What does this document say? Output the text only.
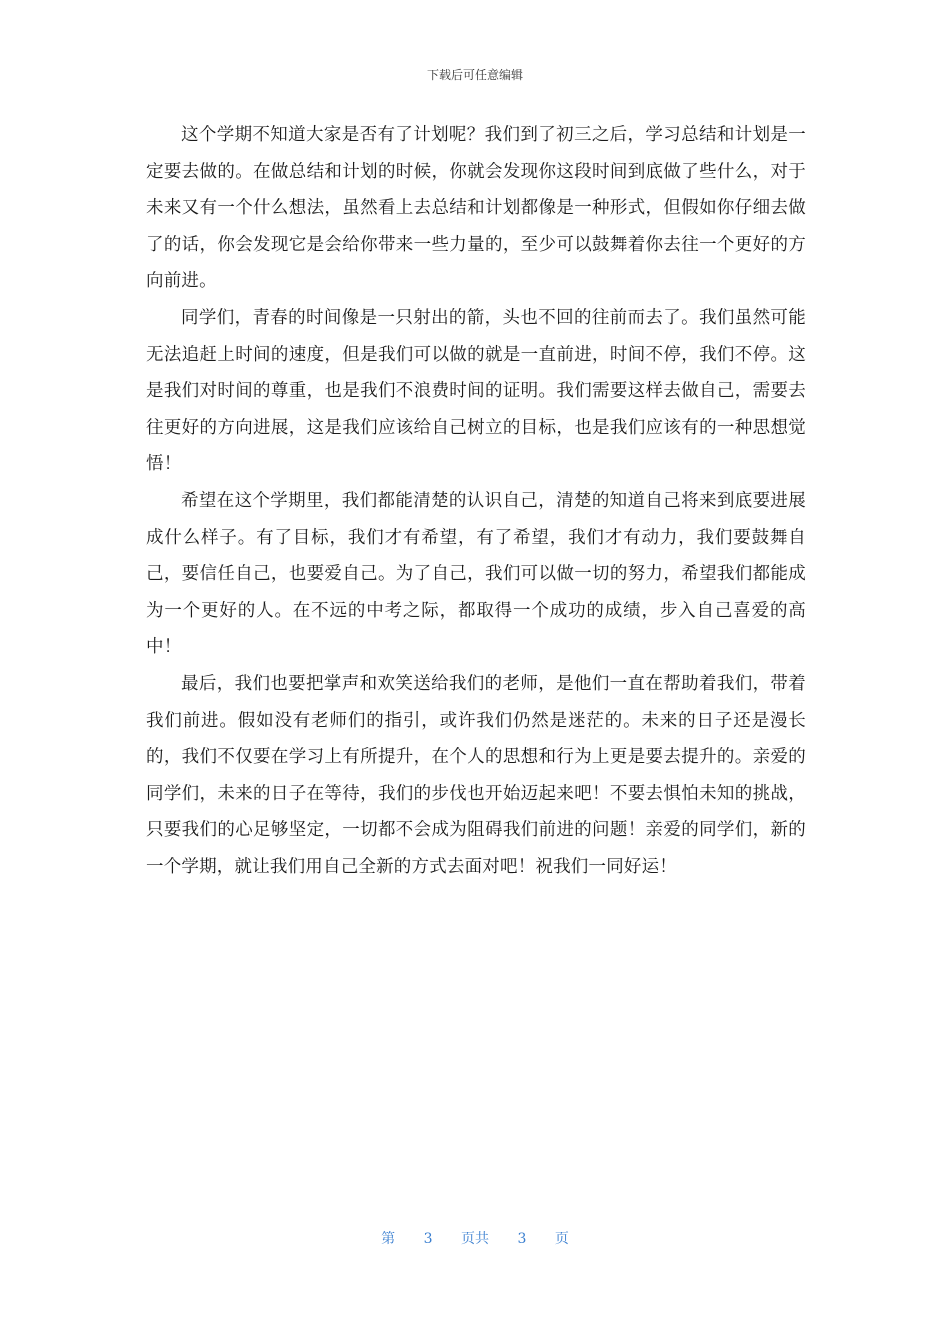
下载后可任意编辑

这个学期不知道大家是否有了计划呢？我们到了初三之后，学习总结和计划是一定要去做的。在做总结和计划的时候，你就会发现你这段时间到底做了些什么，对于未来又有一个什么想法，虽然看上去总结和计划都像是一种形式，但假如你仔细去做了的话，你会发现它是会给你带来一些力量的，至少可以鼓舞着你去往一个更好的方向前进。

同学们，青春的时间像是一只射出的箭，头也不回的往前而去了。我们虽然可能无法追赶上时间的速度，但是我们可以做的就是一直前进，时间不停，我们不停。这是我们对时间的尊重，也是我们不浪费时间的证明。我们需要这样去做自己，需要去往更好的方向进展，这是我们应该给自己树立的目标，也是我们应该有的一种思想觉悟！

希望在这个学期里，我们都能清楚的认识自己，清楚的知道自己将来到底要进展成什么样子。有了目标，我们才有希望，有了希望，我们才有动力，我们要鼓舞自己，要信任自己，也要爱自己。为了自己，我们可以做一切的努力，希望我们都能成为一个更好的人。在不远的中考之际，都取得一个成功的成绩，步入自己喜爱的高中！

最后，我们也要把掌声和欢笑送给我们的老师，是他们一直在帮助着我们，带着我们前进。假如没有老师们的指引，或许我们仍然是迷茫的。未来的日子还是漫长的，我们不仅要在学习上有所提升，在个人的思想和行为上更是要去提升的。亲爱的同学们，未来的日子在等待，我们的步伐也开始迈起来吧！不要去惧怕未知的挑战，只要我们的心足够坚定，一切都不会成为阻碍我们前进的问题！亲爱的同学们，新的一个学期，就让我们用自己全新的方式去面对吧！祝我们一同好运！

第 3 页共 3 页
